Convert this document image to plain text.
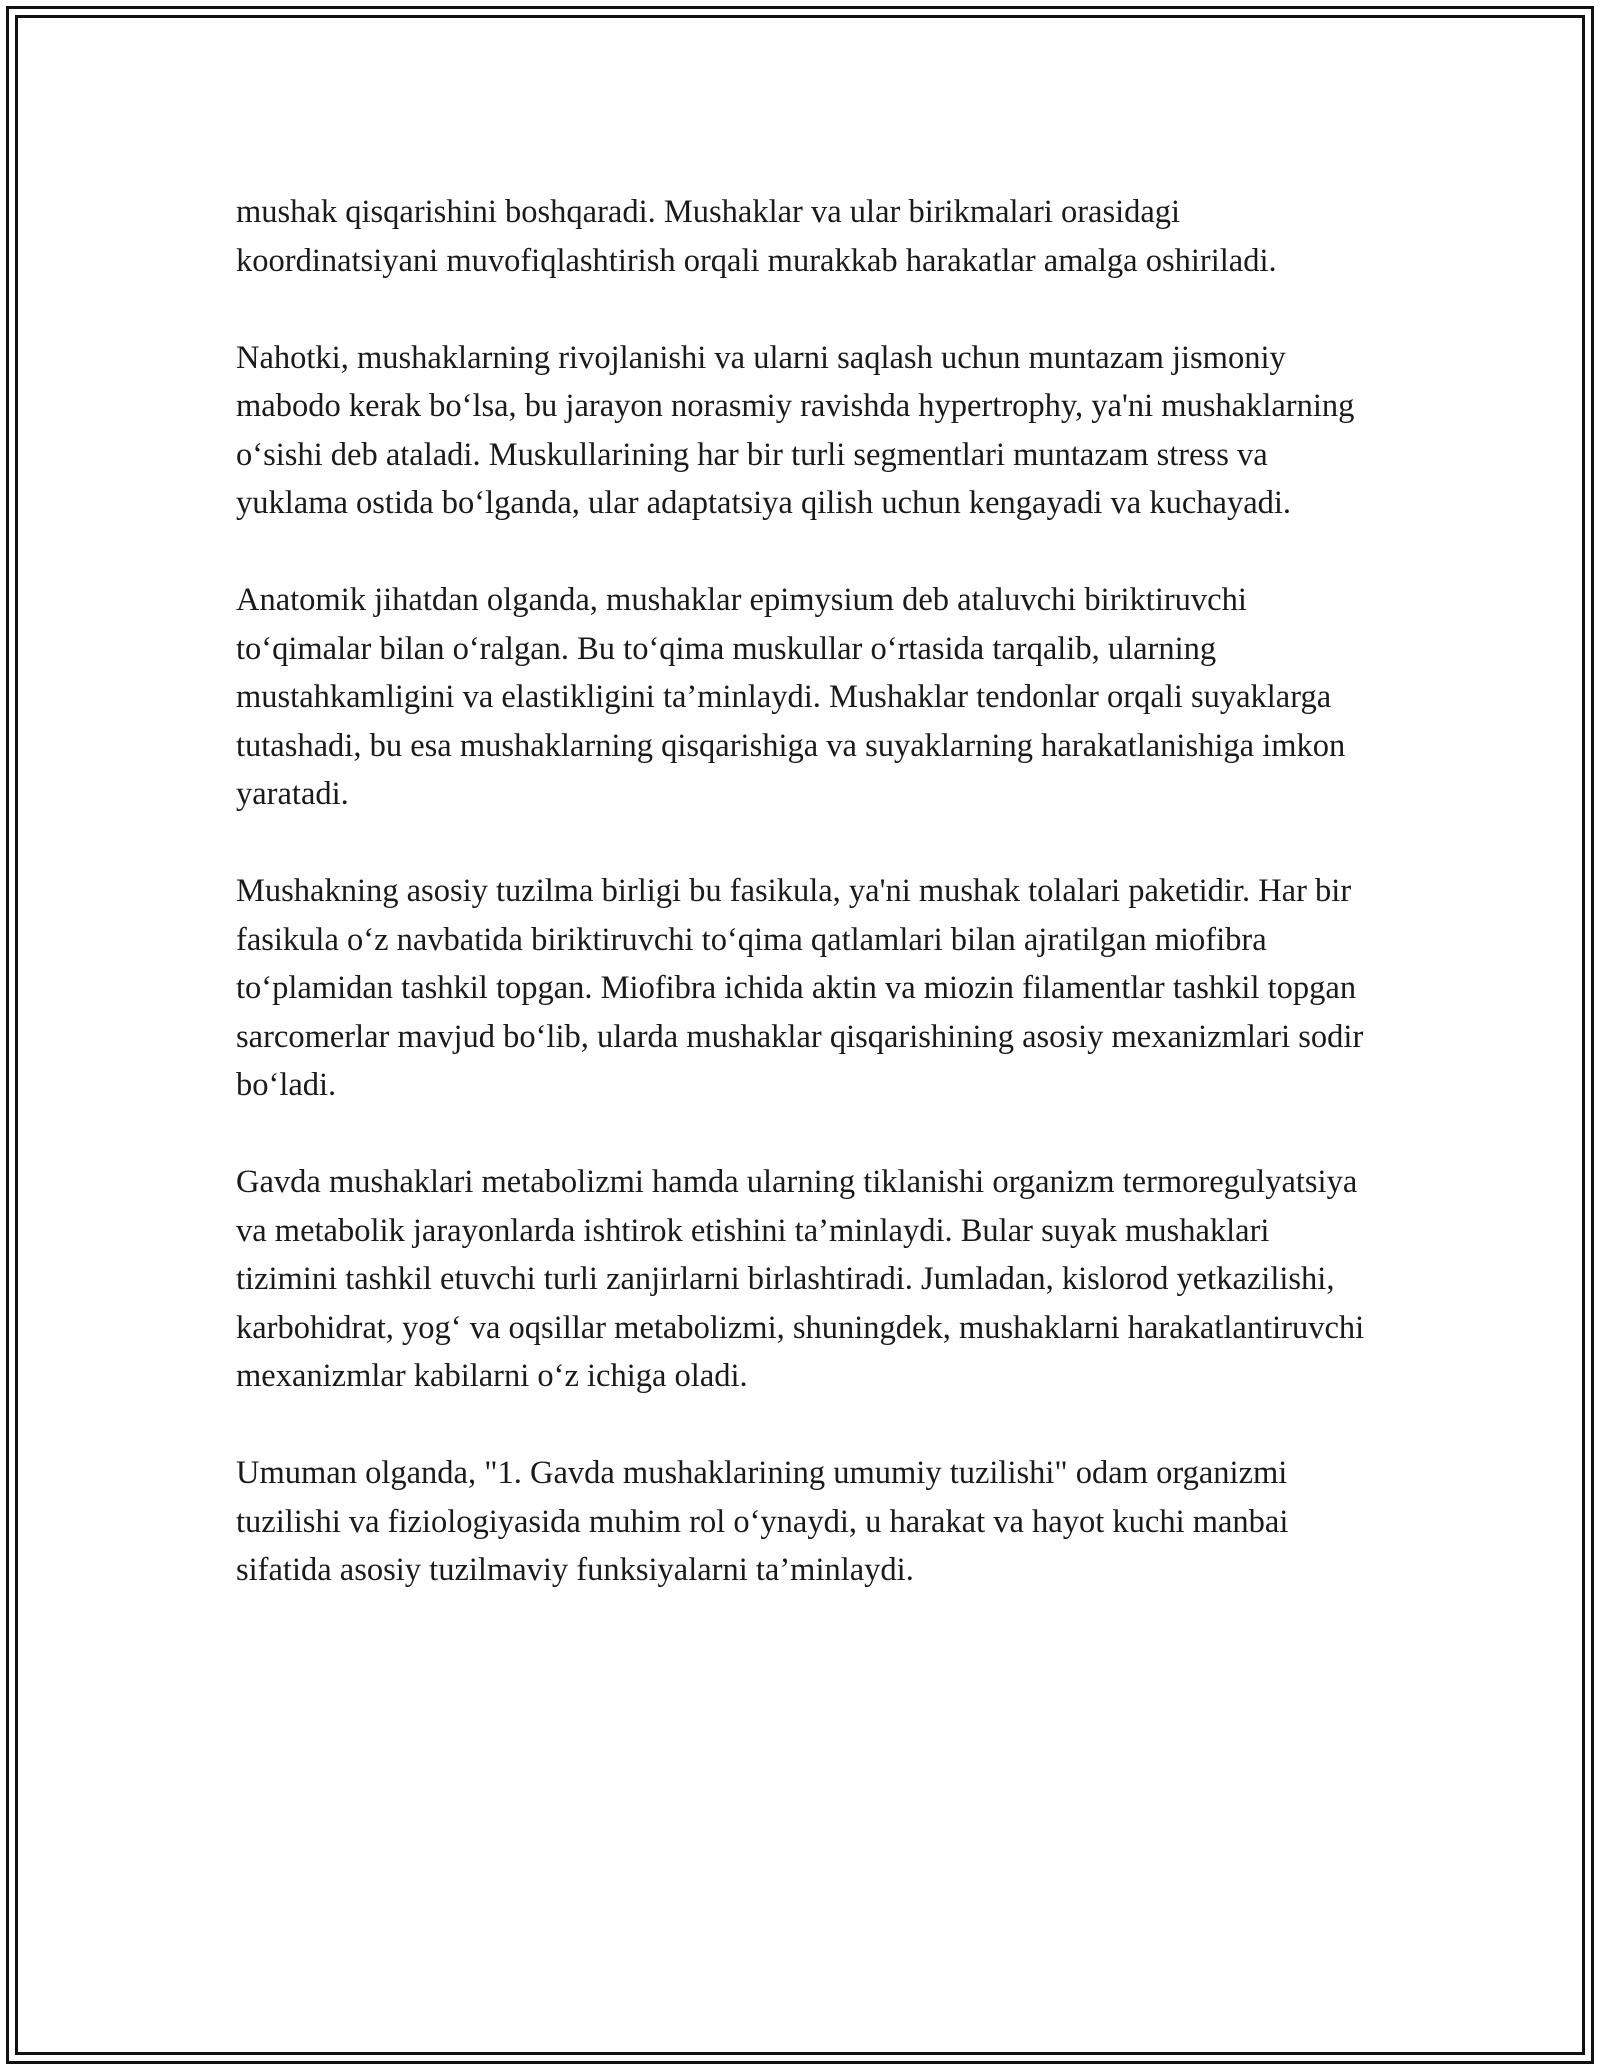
mushak qisqarishini boshqaradi. Mushaklar va ular birikmalari orasidagi koordinatsiyani muvofiqlashtirish orqali murakkab harakatlar amalga oshiriladi.

Nahotki, mushaklarning rivojlanishi va ularni saqlash uchun muntazam jismoniy mabodo kerak bo‘lsa, bu jarayon norasmiy ravishda hypertrophy, ya'ni mushaklarning o‘sishi deb ataladi. Muskullarining har bir turli segmentlari muntazam stress va yuklama ostida bo‘lganda, ular adaptatsiya qilish uchun kengayadi va kuchayadi.

Anatomik jihatdan olganda, mushaklar epimysium deb ataluvchi biriktiruvchi to‘qimalar bilan o‘ralgan. Bu to‘qima muskullar o‘rtasida tarqalib, ularning mustahkamligini va elastikligini ta’minlaydi. Mushaklar tendonlar orqali suyaklarga tutashadi, bu esa mushaklarning qisqarishiga va suyaklarning harakatlanishiga imkon yaratadi.

Mushakning asosiy tuzilma birligi bu fasikula, ya'ni mushak tolalari paketidir. Har bir fasikula o‘z navbatida biriktiruvchi to‘qima qatlamlari bilan ajratilgan miofibra to‘plamidan tashkil topgan. Miofibra ichida aktin va miozin filamentlar tashkil topgan sarcomerlar mavjud bo‘lib, ularda mushaklar qisqarishining asosiy mexanizmlari sodir bo‘ladi.

Gavda mushaklari metabolizmi hamda ularning tiklanishi organizm termoregulyatsiya va metabolik jarayonlarda ishtirok etishini ta’minlaydi. Bular suyak mushaklari tizimini tashkil etuvchi turli zanjirlarni birlashtiradi. Jumladan, kislorod yetkazilishi, karbohidrat, yog‘ va oqsillar metabolizmi, shuningdek, mushaklarni harakatlantiruvchi mexanizmlar kabilarni o‘z ichiga oladi.

Umuman olganda, "1. Gavda mushaklarining umumiy tuzilishi" odam organizmi tuzilishi va fiziologiyasida muhim rol o‘ynaydi, u harakat va hayot kuchi manbai sifatida asosiy tuzilmaviy funksiyalarni ta’minlaydi.
